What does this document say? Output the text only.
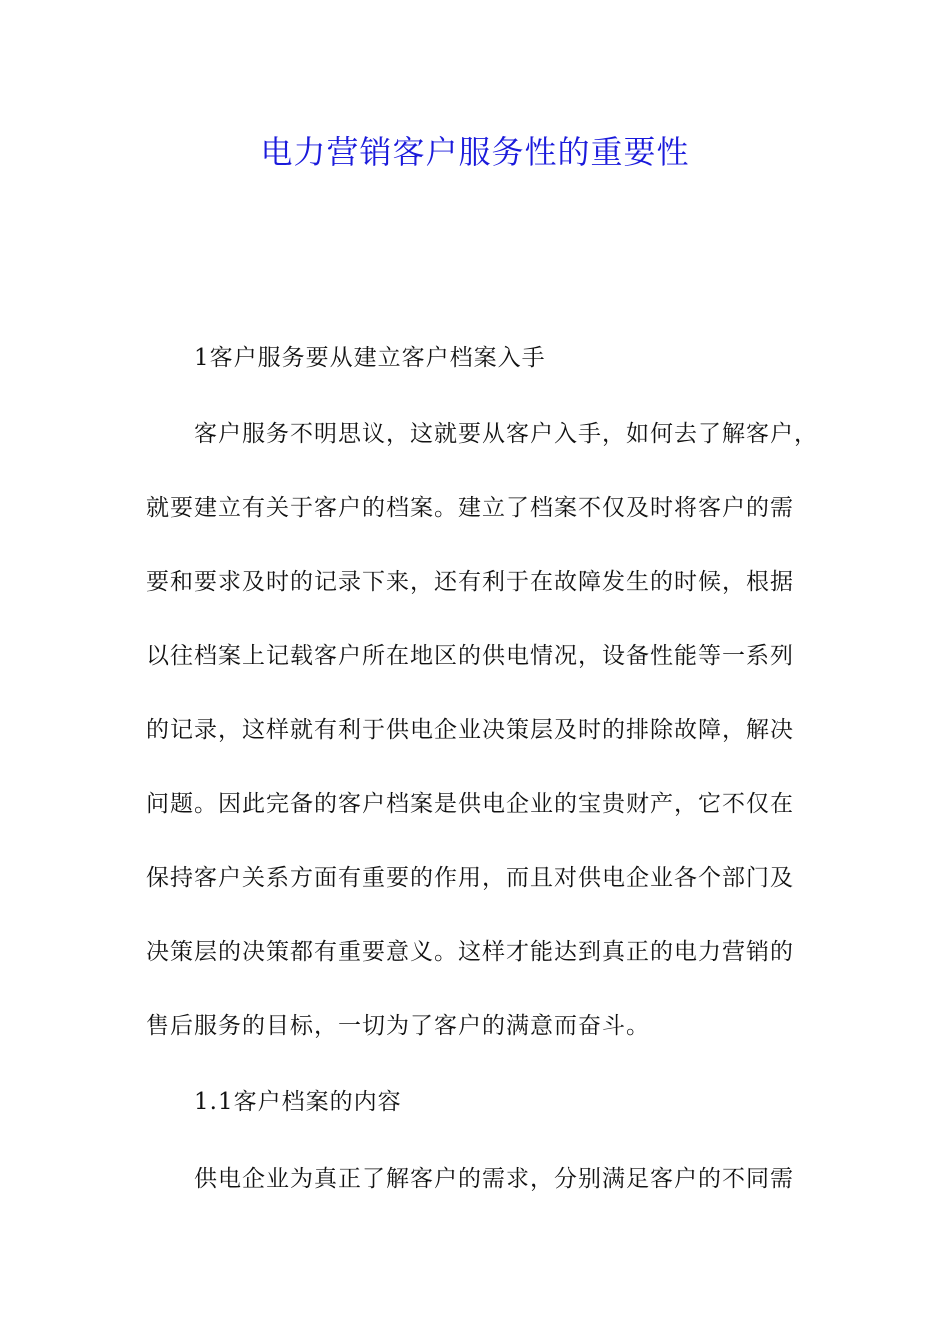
电力营销客户服务性的重要性
1客户服务要从建立客户档案入手
客户服务不明思议，这就要从客户入手，如何去了解客户，
就要建立有关于客户的档案。建立了档案不仅及时将客户的需
要和要求及时的记录下来，还有利于在故障发生的时候，根据
以往档案上记载客户所在地区的供电情况，设备性能等一系列
的记录，这样就有利于供电企业决策层及时的排除故障，解决
问题。因此完备的客户档案是供电企业的宝贵财产，它不仅在
保持客户关系方面有重要的作用，而且对供电企业各个部门及
决策层的决策都有重要意义。这样才能达到真正的电力营销的
售后服务的目标，一切为了客户的满意而奋斗。
1.1客户档案的内容
供电企业为真正了解客户的需求，分别满足客户的不同需
